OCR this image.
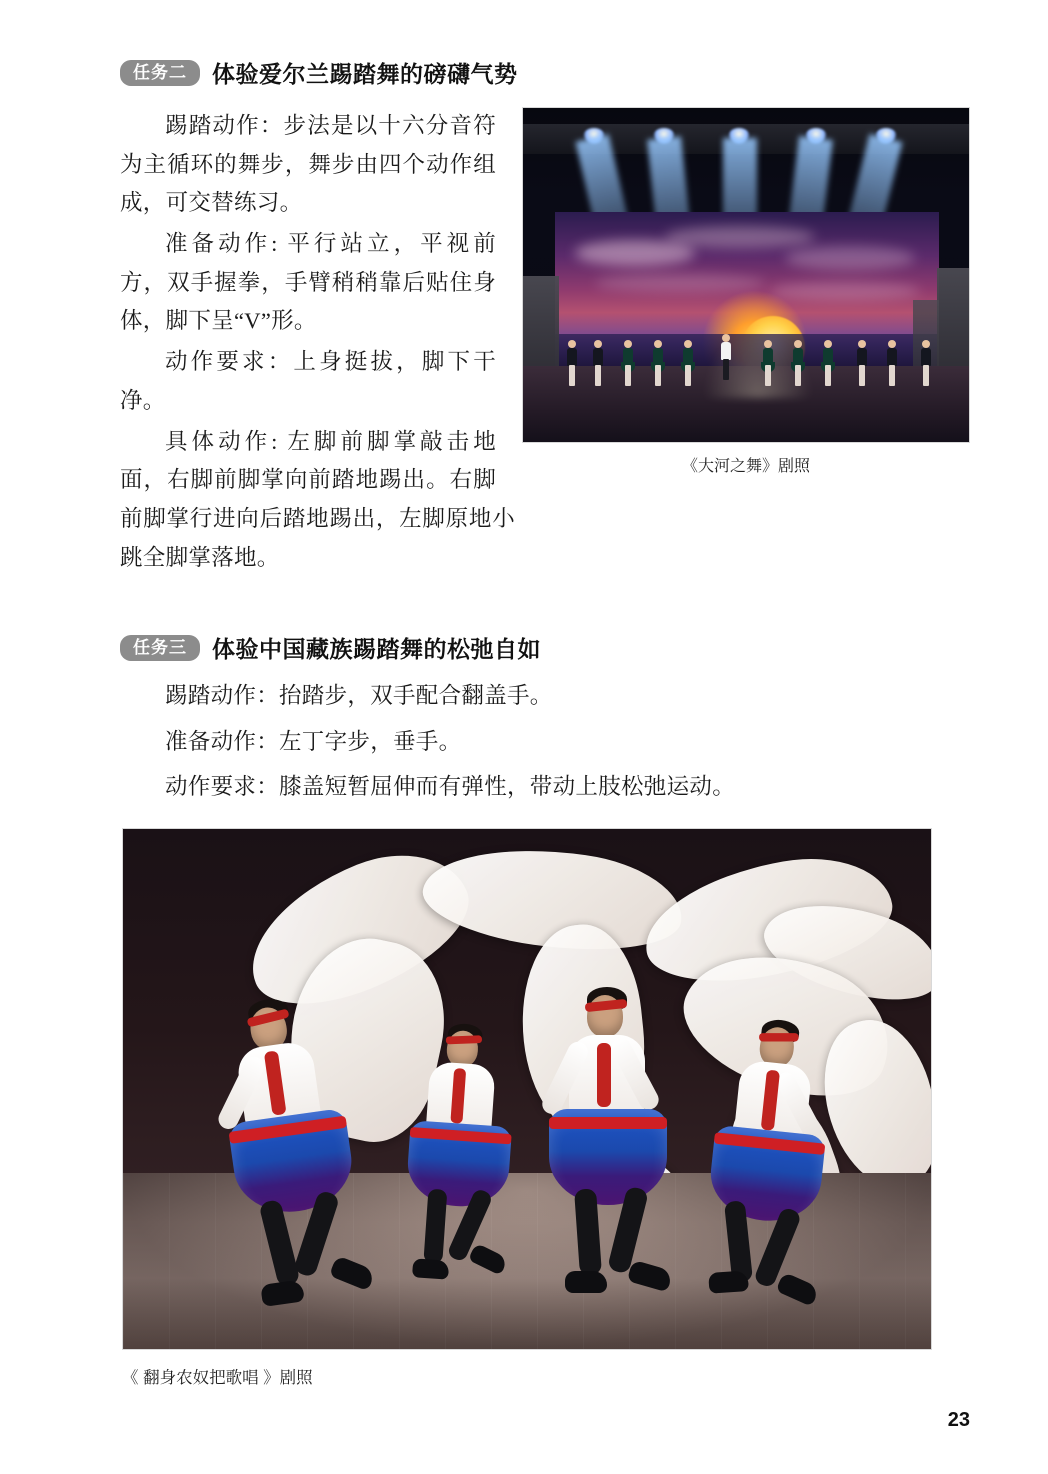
任务二	体验爱尔兰踢踏舞的磅礴气势
《大河之舞》剧照

踢踏动作：步法是以十六分音符为主循环的舞步，舞步由四个动作组成，可交替练习。

准备动作: 平行站立，平视前方，双手握拳，手臂稍稍靠后贴住身体，脚下呈“V”形。

动作要求：上身挺拔，脚下干净。

具体动作: 左脚前脚掌敲击地面，右脚前脚掌向前踏地踢出。右脚前脚掌行进向后踏地踢出，左脚原地小跳全脚掌落地。

任务三	体验中国藏族踢踏舞的松弛自如

踢踏动作：抬踏步，双手配合翻盖手。

准备动作：左丁字步，垂手。

动作要求：膝盖短暂屈伸而有弹性，带动上肢松弛运动。

《 翻身农奴把歌唱 》剧照
23
